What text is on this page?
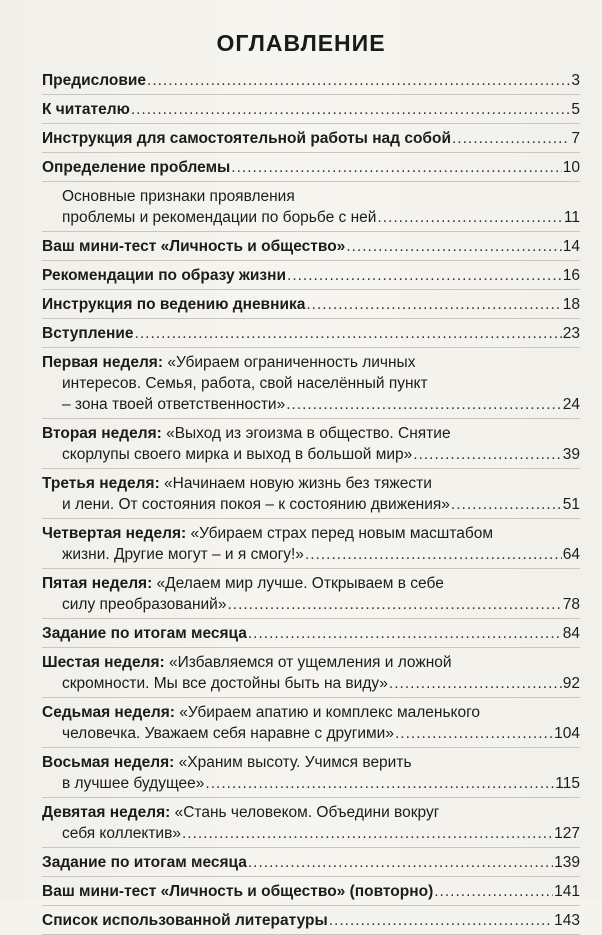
ОГЛАВЛЕНИЕ
Предисловие .....	3
К читателю .....	5
Инструкция для самостоятельной работы над собой .....	7
Определение проблемы .....	10
Основные признаки проявления
проблемы и рекомендации по борьбе с ней .....	11
Ваш мини-тест «Личность и общество» .....	14
Рекомендации по образу жизни .....	16
Инструкция по ведению дневника .....	18
Вступление .....	23
Первая неделя: «Убираем ограниченность личных
интересов. Семья, работа, свой населённый пункт
– зона твоей ответственности» .....	24
Вторая неделя: «Выход из эгоизма в общество. Снятие
скорлупы своего мирка и выход в большой мир» .....	39
Третья неделя: «Начинаем новую жизнь без тяжести
и лени. От состояния покоя – к состоянию движения» .....	51
Четвертая неделя: «Убираем страх перед новым масштабом
жизни. Другие могут – и я смогу!» .....	64
Пятая неделя: «Делаем мир лучше. Открываем в себе
силу преобразований» .....	78
Задание по итогам месяца .....	84
Шестая неделя: «Избавляемся от ущемления и ложной
скромности. Мы все достойны быть на виду» .....	92
Седьмая неделя: «Убираем апатию и комплекс маленького
человечка. Уважаем себя наравне с другими» .....	104
Восьмая неделя: «Храним высоту. Учимся верить
в лучшее будущее» .....	115
Девятая неделя: «Стань человеком. Объедини вокруг
себя коллектив» .....	127
Задание по итогам месяца .....	139
Ваш мини-тест «Личность и общество» (повторно) .....	141
Список использованной литературы .....	143
